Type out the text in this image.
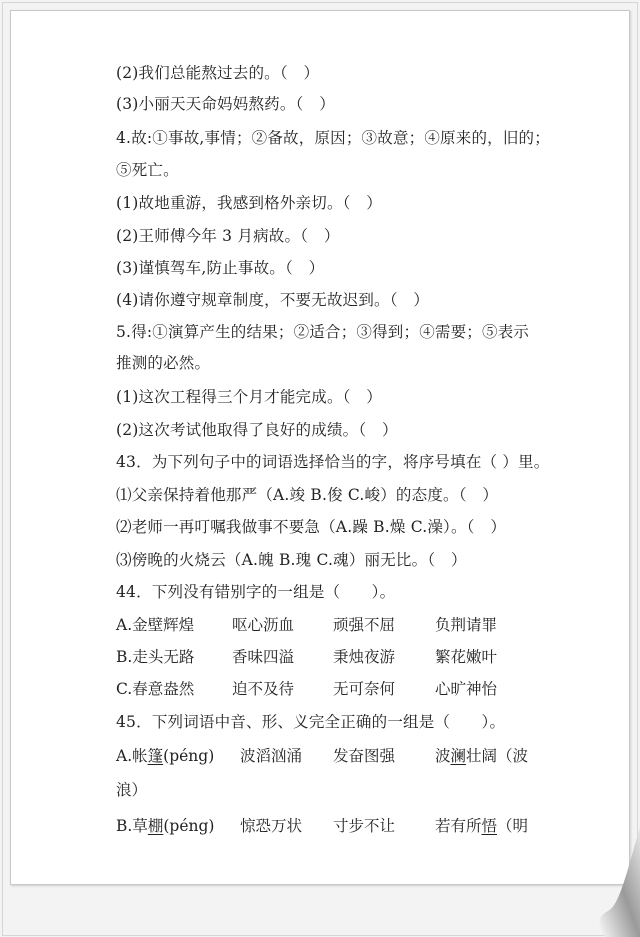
(2)我们总能熬过去的。（　）
(3)小丽天天命妈妈熬药。（　）
4.故:①事故,事情；②备故，原因；③故意；④原来的，旧的；
⑤死亡。
(1)故地重游，我感到格外亲切。（　）
(2)王师傅今年 3 月病故。（　）
(3)谨慎驾车,防止事故。（　）
(4)请你遵守规章制度，不要无故迟到。（　）
5.得:①演算产生的结果；②适合；③得到；④需要；⑤表示
推测的必然。
(1)这次工程得三个月才能完成。（　）
(2)这次考试他取得了良好的成绩。（　）
43．为下列句子中的词语选择恰当的字，将序号填在（ ）里。
⑴父亲保持着他那严（A.竣 B.俊 C.峻）的态度。（　）
⑵老师一再叮嘱我做事不要急（A.躁 B.燥 C.澡）。（　）
⑶傍晚的火烧云（A.魄 B.瑰 C.魂）丽无比。（　）
44．下列没有错别字的一组是（　　）。
A.金壁辉煌 呕心沥血	顽强不屈	负荆请罪
B.走头无路 香味四溢	秉烛夜游	繁花嫩叶
C.春意盎然 迫不及待	无可奈何	心旷神怡
45．下列词语中音、形、义完全正确的一组是（　　）。
A.帐篷(péng) 波滔汹涌 发奋图强	波澜壮阔（波
浪）
B.草棚(péng) 惊恐万状 寸步不让	若有所悟（明
